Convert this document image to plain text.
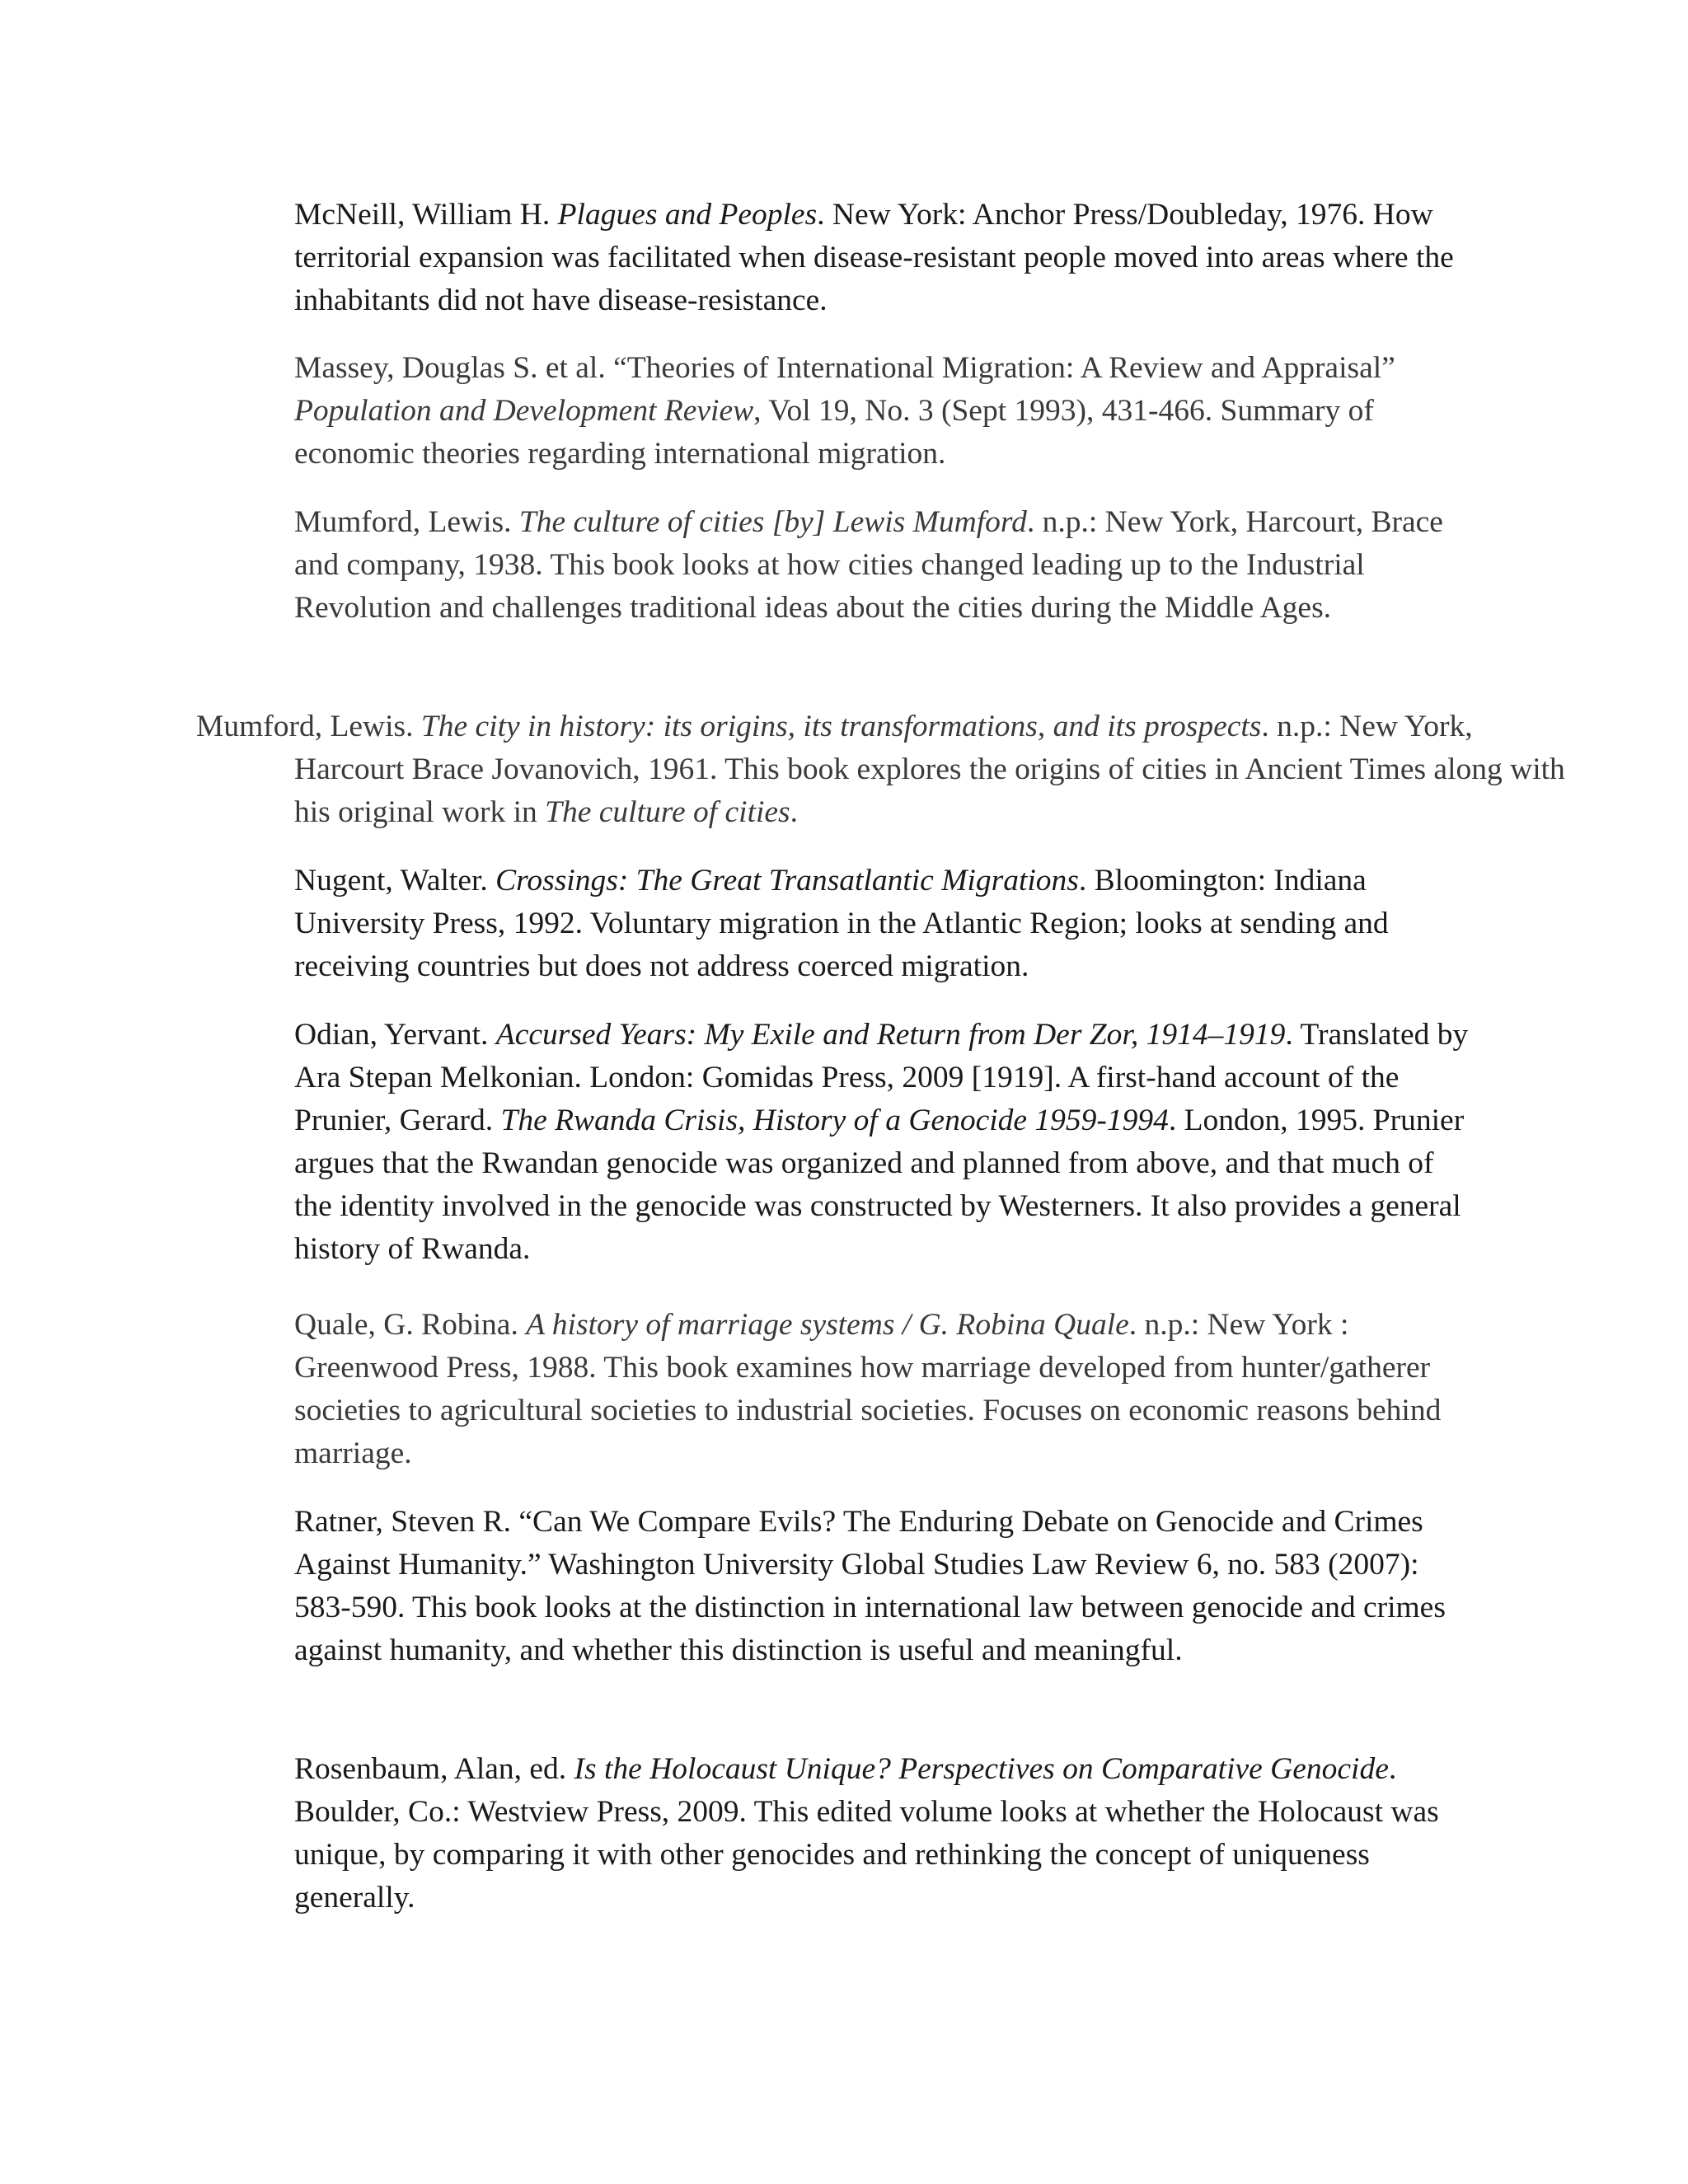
McNeill, William H. Plagues and Peoples. New York: Anchor Press/Doubleday, 1976. How territorial expansion was facilitated when disease-resistant people moved into areas where the inhabitants did not have disease-resistance.

Massey, Douglas S. et al. “Theories of International Migration: A Review and Appraisal” Population and Development Review, Vol 19, No. 3 (Sept 1993), 431-466. Summary of economic theories regarding international migration.

Mumford, Lewis. The culture of cities [by] Lewis Mumford. n.p.: New York, Harcourt, Brace and company, 1938. This book looks at how cities changed leading up to the Industrial Revolution and challenges traditional ideas about the cities during the Middle Ages.

Mumford, Lewis. The city in history: its origins, its transformations, and its prospects. n.p.: New York, Harcourt Brace Jovanovich, 1961. This book explores the origins of cities in Ancient Times along with his original work in The culture of cities.

Nugent, Walter. Crossings: The Great Transatlantic Migrations. Bloomington: Indiana University Press, 1992. Voluntary migration in the Atlantic Region; looks at sending and receiving countries but does not address coerced migration.

Odian, Yervant. Accursed Years: My Exile and Return from Der Zor, 1914–1919. Translated by Ara Stepan Melkonian. London: Gomidas Press, 2009 [1919]. A first-hand account of the Prunier, Gerard. The Rwanda Crisis, History of a Genocide 1959-1994. London, 1995. Prunier argues that the Rwandan genocide was organized and planned from above, and that much of the identity involved in the genocide was constructed by Westerners. It also provides a general history of Rwanda.

Quale, G. Robina. A history of marriage systems / G. Robina Quale. n.p.: New York : Greenwood Press, 1988. This book examines how marriage developed from hunter/gatherer societies to agricultural societies to industrial societies. Focuses on economic reasons behind marriage.

Ratner, Steven R. “Can We Compare Evils? The Enduring Debate on Genocide and Crimes Against Humanity.” Washington University Global Studies Law Review 6, no. 583 (2007): 583-590. This book looks at the distinction in international law between genocide and crimes against humanity, and whether this distinction is useful and meaningful.

Rosenbaum, Alan, ed. Is the Holocaust Unique? Perspectives on Comparative Genocide. Boulder, Co.: Westview Press, 2009. This edited volume looks at whether the Holocaust was unique, by comparing it with other genocides and rethinking the concept of uniqueness generally.
